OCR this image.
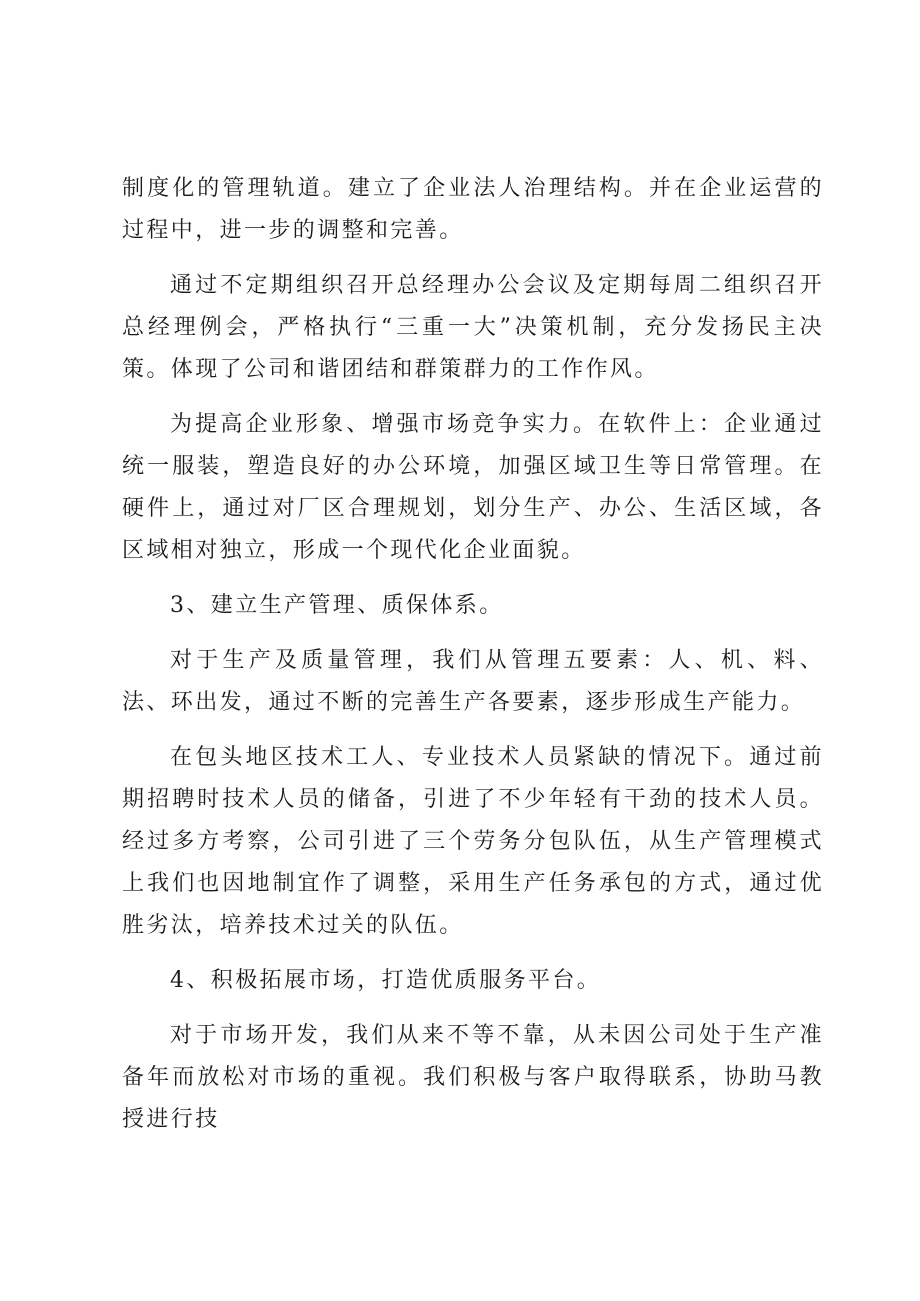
制度化的管理轨道。建立了企业法人治理结构。并在企业运营的过程中，进一步的调整和完善。

通过不定期组织召开总经理办公会议及定期每周二组织召开总经理例会，严格执行“三重一大”决策机制，充分发扬民主决策。体现了公司和谐团结和群策群力的工作作风。

为提高企业形象、增强市场竞争实力。在软件上：企业通过统一服装，塑造良好的办公环境，加强区域卫生等日常管理。在硬件上，通过对厂区合理规划，划分生产、办公、生活区域，各区域相对独立，形成一个现代化企业面貌。

3、建立生产管理、质保体系。

对于生产及质量管理，我们从管理五要素：人、机、料、法、环出发，通过不断的完善生产各要素，逐步形成生产能力。

在包头地区技术工人、专业技术人员紧缺的情况下。通过前期招聘时技术人员的储备，引进了不少年轻有干劲的技术人员。经过多方考察，公司引进了三个劳务分包队伍，从生产管理模式上我们也因地制宜作了调整，采用生产任务承包的方式，通过优胜劣汰，培养技术过关的队伍。

4、积极拓展市场，打造优质服务平台。

对于市场开发，我们从来不等不靠，从未因公司处于生产准备年而放松对市场的重视。我们积极与客户取得联系，协助马教授进行技
